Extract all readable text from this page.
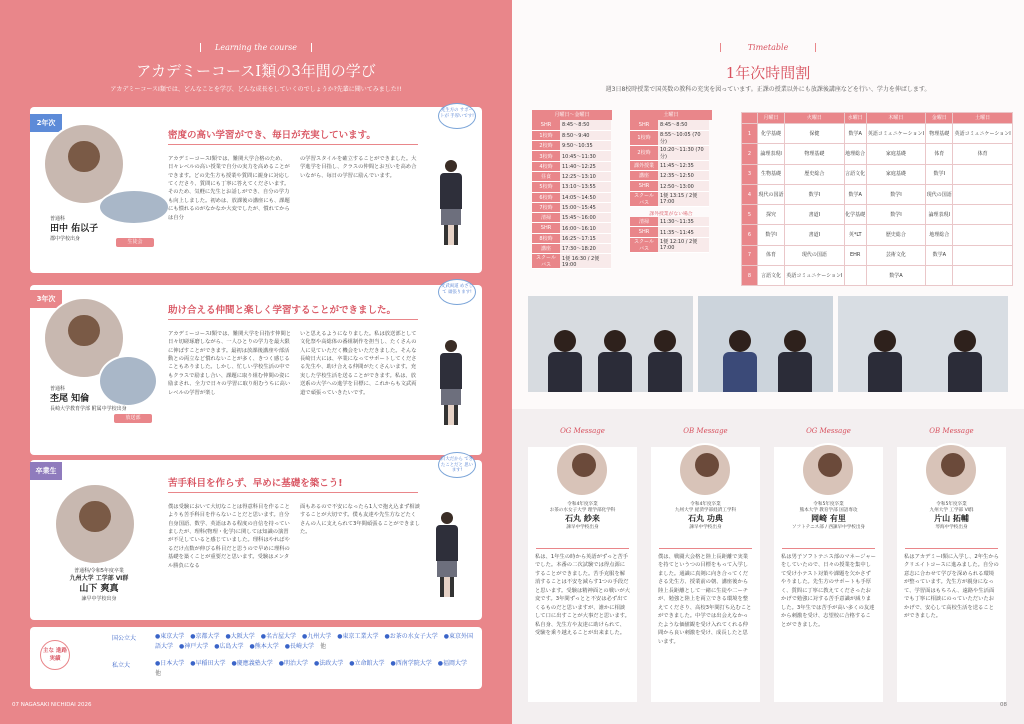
Learning the course
アカデミーコースⅠ類の3年間の学び
アカデミーコースⅠ類では、どんなことを学び、どんな成長をしていくのでしょうか?先輩に聞いてみました!!
2年次
生徒会
普通科
田中 佑以子
郡中学校出身
密度の高い学習ができ、毎日が充実しています。
アカデミーコースⅠ類では、難関大学合格のため、日々レベルの高い授業で自分の実力を高めることができます。どの先生方も授業や質問に親身に対応してくださり、質問にも丁寧に答えてくださいます。そのため、気軽に先生とお話しができ、自分の学力も向上しました。初めは、放課後の講座にも、課題にも慣れるのがなかなか大変でしたが、慣れてからは自分
の学習スタイルを確立することができました。大学進学を目指し、クラスの仲間とお互いを高め合いながら、毎日の学習に励んでいます。
先生方の サポートが 手厚いです!
3年次
放送部
普通科
杢尾 知倫
長崎大学教育学部 附属中学校出身
助け合える仲間と楽しく学習することができました。
アカデミーコースⅠ類では、難関大学を目指す仲間と日々切磋琢磨しながら、一人ひとりの学力を最大限に伸ばすことができます。最初は放課後講座や部活動との両立など慣れないことが多く、きつく感じることもありました。しかし、忙しい学校生活の中でもクラスで励まし合い、課題に取り組む仲間の姿に励まされ、全力で日々の学習に取り組むうちに高いレベルの学習が楽し
いと思えるようになりました。私は放送部として文化祭や高総体の番組制作を担当し、たくさんの人に見ていただく機会をいただきました。そんな長崎日大には、卒業になってサポートしてくださる先生や、助け合える仲間がたくさんいます。充実した学校生活を送ることができます。私は、放送系の大学への進学を目標に、これからも文武両道で頑張っていきたいです。
文武両道 めざして 頑張ります!
卒業生
普通科/令和5年度卒業
九州大学 工学部 Ⅵ群
山下 爽真
諫早中学校出身
苦手科目を作らず、早めに基礎を築こう!
僕は受験において大切なことは得意科目を作ることよりも苦手科目を作らないことだと思います。自分自身国語、数学、英語はある程度の自信を持っていましたが、理科(物理・化学)に関しては知識の演習が不足していると感じていました。理科はやればやるだけ点数が伸びる科目だと思うので早めに理科の基礎を築くことが重要だと思います。受験はメンタル勝負になる
面もあるので不安になったら1人で抱え込まず相談することが大切です。僕も友達や先生方などたくさんの人に支えられて3年間頑張ることができました。
日大だから できたことだと 思います!
主な 進路実績
国公立大
私立大
●東京大学　●京都大学　●大阪大学　●名古屋大学　●九州大学　●東京工業大学　●お茶の水女子大学　●東京外国語大学　●神戸大学　●広島大学　●熊本大学　●長崎大学　他
●日本大学　●早稲田大学　●慶應義塾大学　●明治大学　●法政大学　●立命館大学　●西南学院大学　●福岡大学　他
07 NAGASAKI NICHIDAI 2026
Timetable
1年次時間割
週3日8校時授業で国英数の教科の充実を図っています。正課の授業以外にも放課後講座などを行い、学力を伸ばします。
月曜日〜金曜日
SHR	8:45〜8:50
1校時	8:50〜9:40
2校時	9:50〜10:35
3校時	10:45〜11:30
4校時	11:40〜12:25
昼食	12:25〜13:10
5校時	13:10〜13:55
6校時	14:05〜14:50
7校時	15:00〜15:45
清掃	15:45〜16:00
SHR	16:00〜16:10
8校時	16:25〜17:15
講座	17:30〜18:20
スクールバス	1便 16:30 / 2便 19:00
土曜日
SHR	8:45〜8:50
1校時	8:55〜10:05 (70分)
2校時	10:20〜11:30 (70分)
課外授業	11:45〜12:35
講座	12:35〜12:50
SHR	12:50〜13:00
スクールバス	1便 13:15 / 2便 17:00
課外授業がない場合
清掃	11:30〜11:35
SHR	11:35〜11:45
スクールバス	1便 12:10 / 2便 17:00
	月曜日	火曜日	水曜日	木曜日	金曜日	土曜日
1	化学基礎	保健	数学A	英語コミュニケーションⅠ	物理基礎	英語コミュニケーションⅠ
2	論理表現Ⅰ	物理基礎	地理総合	家庭基礎	体育	体育
3	生物基礎	歴史総合	言語文化	家庭基礎	数学Ⅰ	
4	現代の国語	数学Ⅰ	数学A	数学Ⅰ	現代の国語	
5	探究	書道Ⅰ	化学基礎	数学Ⅰ	論理表現Ⅰ	
6	数学Ⅰ	書道Ⅰ	英*LT	歴史総合	地理総合	
7	体育	現代の国語	EHR	芸術文化	数学A	
8	言語文化	英語コミュニケーションⅠ		数学A		
OG Message
令和4年度卒業
お茶の水女子大学 理学部化学科
石丸 紗来
諫早中学校出身
私は、1年生の時から英語がずっと苦手でした。本番の二次試験では得点源にすることができました。苦手克服を解消することは不安を減らす1つの手段だと思います。受験は精神面との戦いが大変です。3年間ずっとと不安は必ず出てくるものだと思いますが、誰かに相談して口に出すことが大事だと思います。私自身、先生方や友達に助けられて、受験を乗り越えることが出来ました。
OB Message
令和4年度卒業
九州大学 経済学部経済工学科
石丸 功典
諫早中学校出身
僕は、戦闘大会格と陸上長距離で実業を持てというつの目標をもって入学しました。通識に真剣に向き合ってくださる先生方、授業前の朝、講座後から陸上長距離として一緒に生徒や二ーチが、勉強と陸上を両立できる環境を整えてくださり、高校3年間打ち込むことができました。中学では出会えなかったような価値観を受け入れてくれる仲間から良い刺激を受け、成長したと思います。
OG Message
令和5年度卒業
熊本大学 教育学部 国語専攻
岡崎 有里
ソフトテニス部 / 西諫早中学校出身
私は男子ソフトテニス部のマネージャーをしていたので、日々の授業を集中して受け小テスト対策や課題を欠かさずやりました。先生方のサポートも手厚く、質問に丁寧に教えてくださったおかげで勉強に対する苦手意識が減りました。3年生では苦手が高い多くの友達から刺激を受け、志望校に合格することができました。
OB Message
令和5年度卒業
九州大学 工学部 Ⅵ群
片山 拓輔
琴海中学校出身
私はアカデミーⅠ類に入学し、2年生からクリエイトコースに進みました。自分の意志に合わせて学びを深められる環境が整っています。先生方が親身になって、学習面はもちろん、遠路や生活面でも丁寧に相談にのっていただいたおかげで、安心して高校生活を送ることができました。
08
